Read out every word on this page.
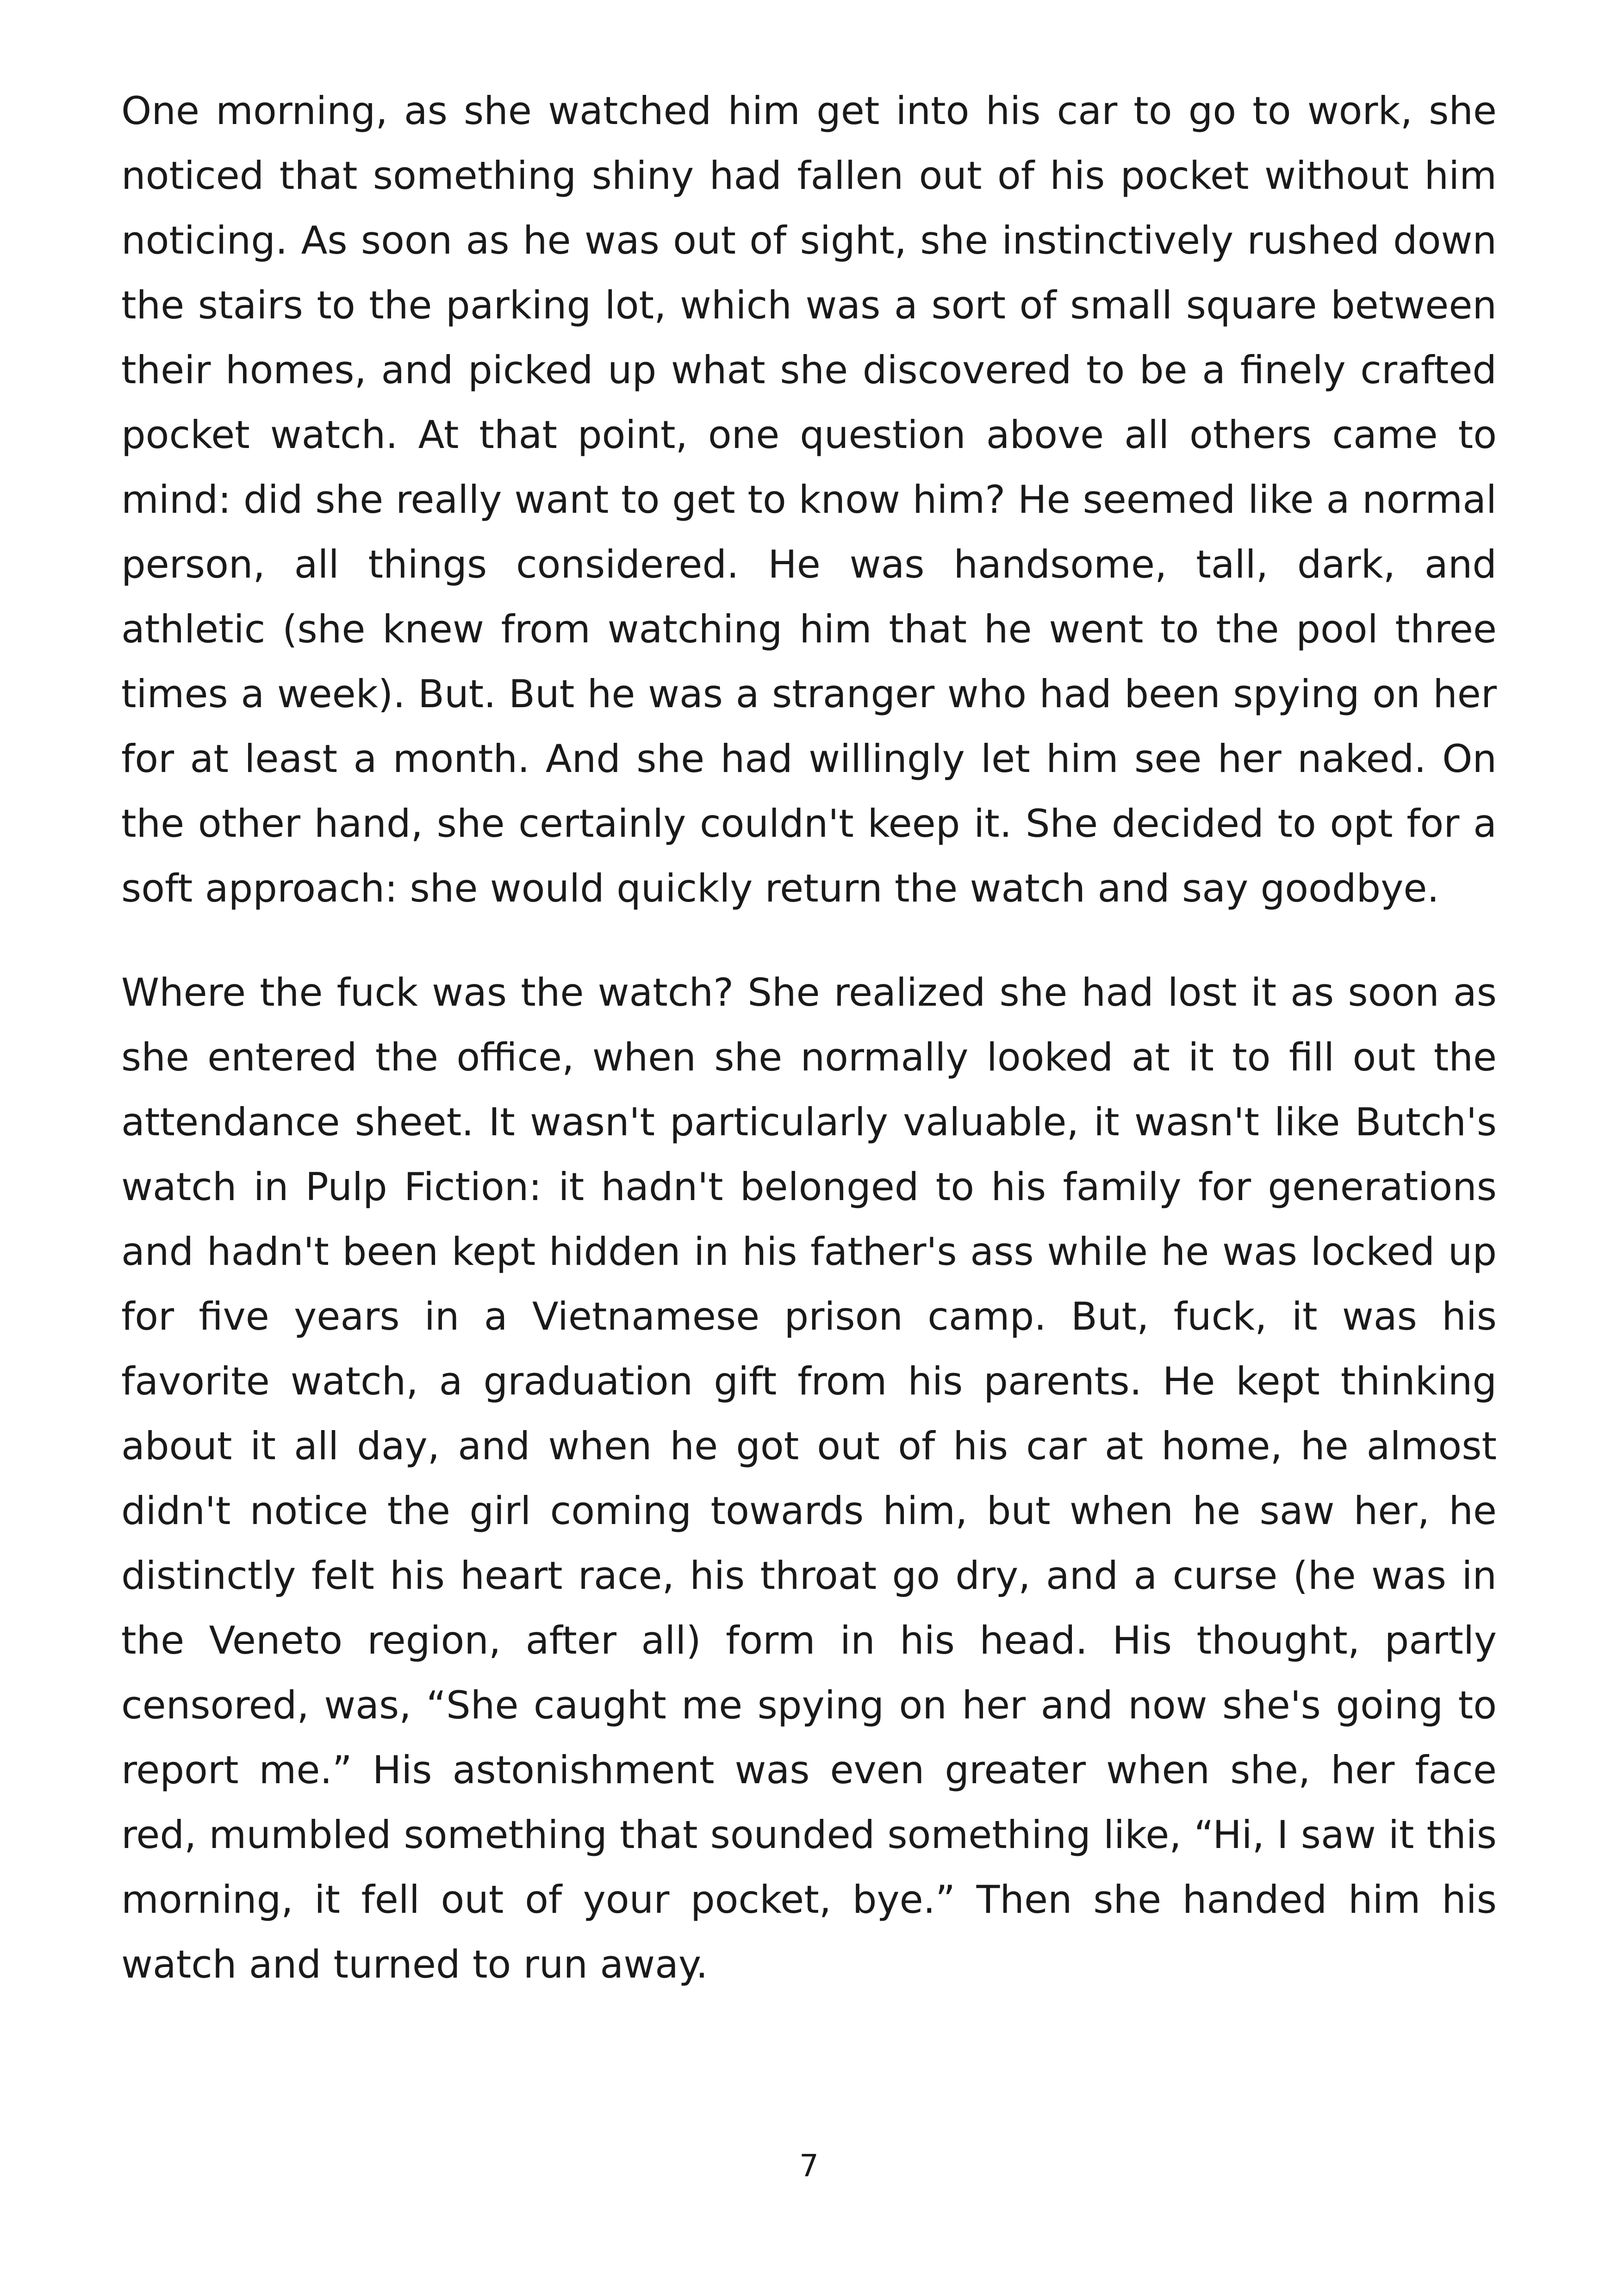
One morning, as she watched him get into his car to go to work, she noticed that something shiny had fallen out of his pocket without him noticing. As soon as he was out of sight, she instinctively rushed down the stairs to the parking lot, which was a sort of small square between their homes, and picked up what she discovered to be a finely crafted pocket watch. At that point, one question above all others came to mind: did she really want to get to know him? He seemed like a normal person, all things considered. He was handsome, tall, dark, and athletic (she knew from watching him that he went to the pool three times a week). But. But he was a stranger who had been spying on her for at least a month. And she had willingly let him see her naked. On the other hand, she certainly couldn't keep it. She decided to opt for a soft approach: she would quickly return the watch and say goodbye.

Where the fuck was the watch? She realized she had lost it as soon as she entered the office, when she normally looked at it to fill out the attendance sheet. It wasn't particularly valuable, it wasn't like Butch's watch in Pulp Fiction: it hadn't belonged to his family for generations and hadn't been kept hidden in his father's ass while he was locked up for five years in a Vietnamese prison camp. But, fuck, it was his favorite watch, a graduation gift from his parents. He kept thinking about it all day, and when he got out of his car at home, he almost didn't notice the girl coming towards him, but when he saw her, he distinctly felt his heart race, his throat go dry, and a curse (he was in the Veneto region, after all) form in his head. His thought, partly censored, was, “She caught me spying on her and now she's going to report me.” His astonishment was even greater when she, her face red, mumbled something that sounded something like, “Hi, I saw it this morning, it fell out of your pocket, bye.” Then she handed him his watch and turned to run away.

7
